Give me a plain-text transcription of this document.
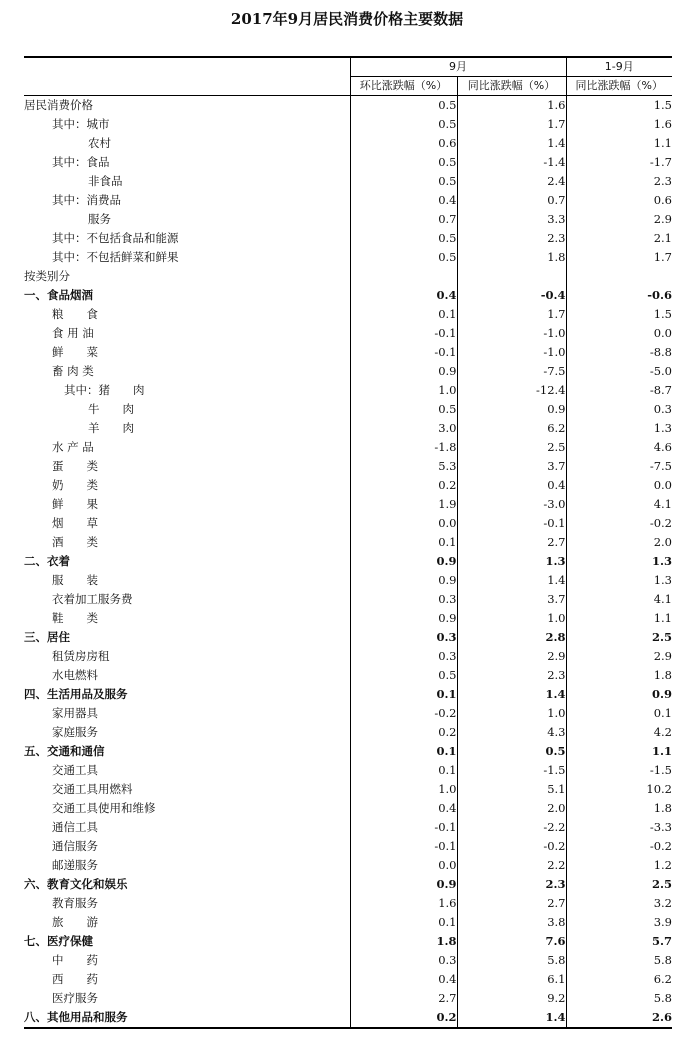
2017年9月居民消费价格主要数据
	9月		1-9月
	环比涨跌幅（%）	同比涨跌幅（%）	同比涨跌幅（%）
居民消费价格	0.5	1.6	1.5
其中：城市	0.5	1.7	1.6
农村	0.6	1.4	1.1
其中：食品	0.5	-1.4	-1.7
非食品	0.5	2.4	2.3
其中：消费品	0.4	0.7	0.6
服务	0.7	3.3	2.9
其中：不包括食品和能源	0.5	2.3	2.1
其中：不包括鲜菜和鲜果	0.5	1.8	1.7
按类别分			
一、食品烟酒	0.4	-0.4	-0.6
粮　　食	0.1	1.7	1.5
食 用 油	-0.1	-1.0	0.0
鲜　　菜	-0.1	-1.0	-8.8
畜 肉 类	0.9	-7.5	-5.0
其中：猪　　肉	1.0	-12.4	-8.7
牛　　肉	0.5	0.9	0.3
羊　　肉	3.0	6.2	1.3
水 产 品	-1.8	2.5	4.6
蛋　　类	5.3	3.7	-7.5
奶　　类	0.2	0.4	0.0
鲜　　果	1.9	-3.0	4.1
烟　　草	0.0	-0.1	-0.2
酒　　类	0.1	2.7	2.0
二、衣着	0.9	1.3	1.3
服　　装	0.9	1.4	1.3
衣着加工服务费	0.3	3.7	4.1
鞋　　类	0.9	1.0	1.1
三、居住	0.3	2.8	2.5
租赁房房租	0.3	2.9	2.9
水电燃料	0.5	2.3	1.8
四、生活用品及服务	0.1	1.4	0.9
家用器具	-0.2	1.0	0.1
家庭服务	0.2	4.3	4.2
五、交通和通信	0.1	0.5	1.1
交通工具	0.1	-1.5	-1.5
交通工具用燃料	1.0	5.1	10.2
交通工具使用和维修	0.4	2.0	1.8
通信工具	-0.1	-2.2	-3.3
通信服务	-0.1	-0.2	-0.2
邮递服务	0.0	2.2	1.2
六、教育文化和娱乐	0.9	2.3	2.5
教育服务	1.6	2.7	3.2
旅　　游	0.1	3.8	3.9
七、医疗保健	1.8	7.6	5.7
中　　药	0.3	5.8	5.8
西　　药	0.4	6.1	6.2
医疗服务	2.7	9.2	5.8
八、其他用品和服务	0.2	1.4	2.6
